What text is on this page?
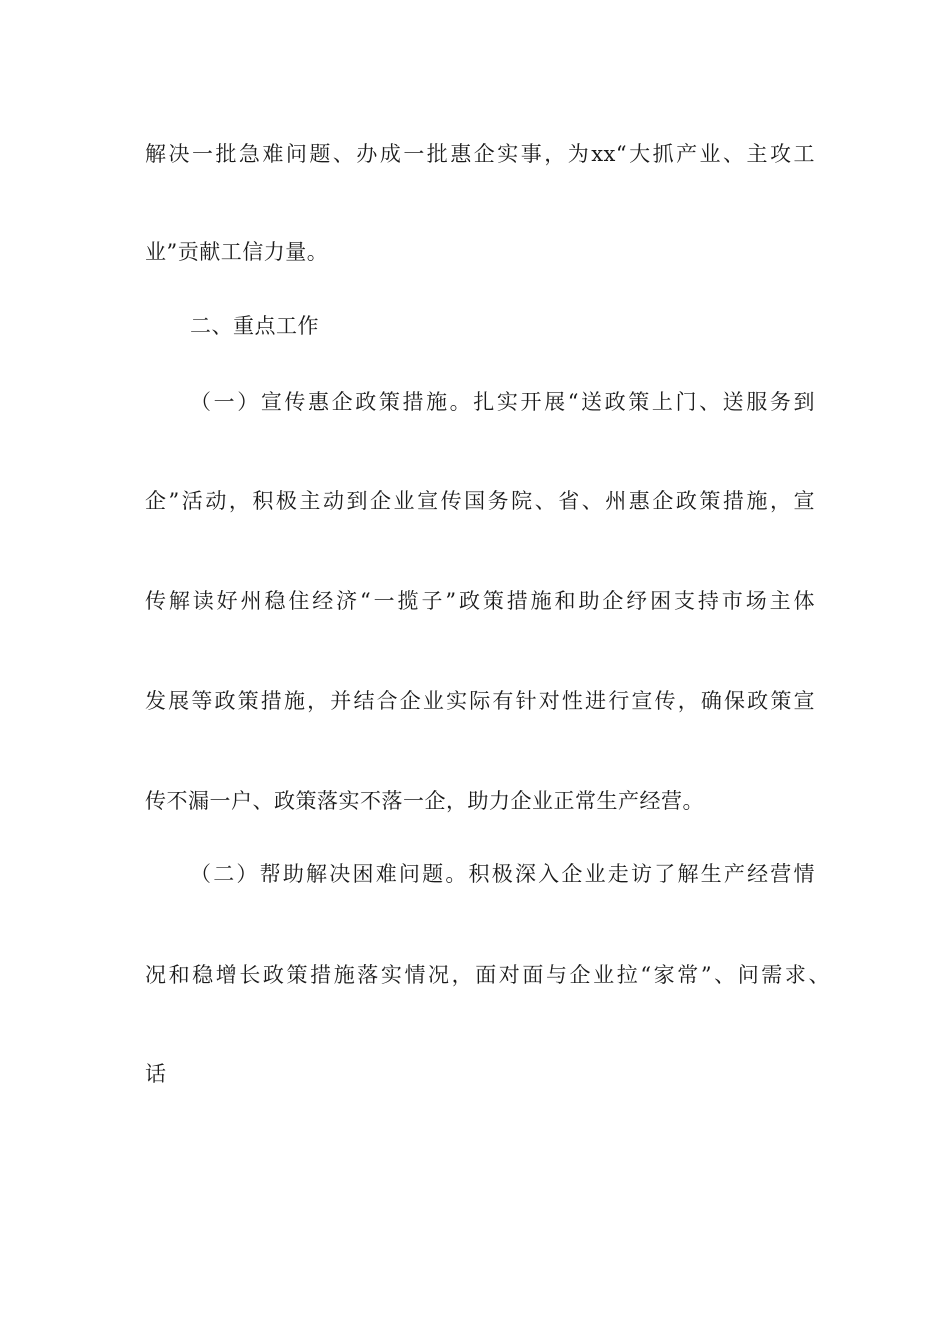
解决一批急难问题、办成一批惠企实事，为xx“大抓产业、主攻工
业”贡献工信力量。
二、重点工作
（一）宣传惠企政策措施。扎实开展“送政策上门、送服务到
企”活动，积极主动到企业宣传国务院、省、州惠企政策措施，宣
传解读好州稳住经济“一揽子”政策措施和助企纾困支持市场主体
发展等政策措施，并结合企业实际有针对性进行宣传，确保政策宣
传不漏一户、政策落实不落一企，助力企业正常生产经营。
（二）帮助解决困难问题。积极深入企业走访了解生产经营情
况和稳增长政策措施落实情况，面对面与企业拉“家常”、问需求、
话
